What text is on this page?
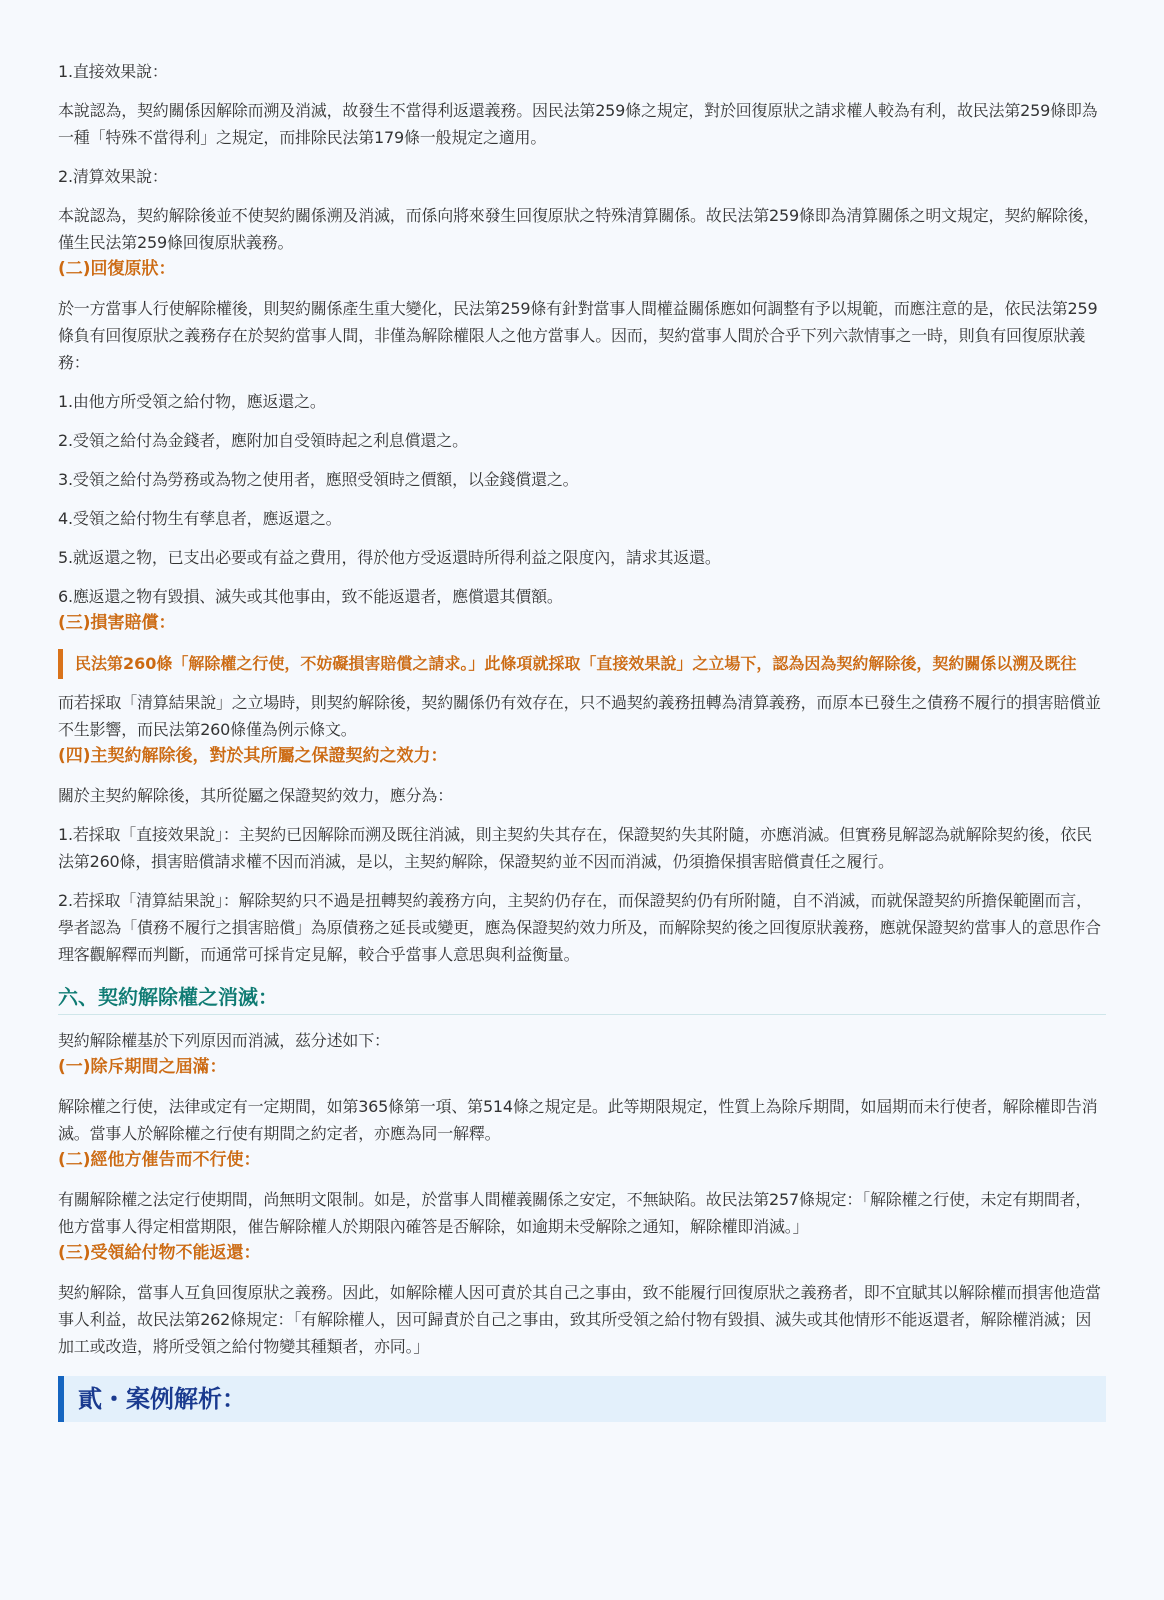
1.直接效果說：

本說認為，契約關係因解除而溯及消滅，故發生不當得利返還義務。因民法第259條之規定，對於回復原狀之請求權人較為有利，故民法第259條即為一種「特殊不當得利」之規定，而排除民法第179條一般規定之適用。

2.清算效果說：

本說認為，契約解除後並不使契約關係溯及消滅，而係向將來發生回復原狀之特殊清算關係。故民法第259條即為清算關係之明文規定，契約解除後，僅生民法第259條回復原狀義務。

(二)回復原狀：

於一方當事人行使解除權後，則契約關係產生重大變化，民法第259條有針對當事人間權益關係應如何調整有予以規範，而應注意的是，依民法第259條負有回復原狀之義務存在於契約當事人間，非僅為解除權限人之他方當事人。因而，契約當事人間於合乎下列六款情事之一時，則負有回復原狀義務：

1.由他方所受領之給付物，應返還之。

2.受領之給付為金錢者，應附加自受領時起之利息償還之。

3.受領之給付為勞務或為物之使用者，應照受領時之價額，以金錢償還之。

4.受領之給付物生有孳息者，應返還之。

5.就返還之物，已支出必要或有益之費用，得於他方受返還時所得利益之限度內，請求其返還。

6.應返還之物有毀損、滅失或其他事由，致不能返還者，應償還其價額。

(三)損害賠償：
民法第260條「解除權之行使，不妨礙損害賠償之請求。」此條項就採取「直接效果說」之立場下，認為因為契約解除後，契約關係以溯及既往

而若採取「清算結果說」之立場時，則契約解除後，契約關係仍有效存在，只不過契約義務扭轉為清算義務，而原本已發生之債務不履行的損害賠償並不生影響，而民法第260條僅為例示條文。

(四)主契約解除後，對於其所屬之保證契約之效力：

關於主契約解除後，其所從屬之保證契約效力，應分為：

1.若採取「直接效果說」：主契約已因解除而溯及既往消滅，則主契約失其存在，保證契約失其附隨，亦應消滅。但實務見解認為就解除契約後，依民法第260條，損害賠償請求權不因而消滅，是以，主契約解除，保證契約並不因而消滅，仍須擔保損害賠償責任之履行。

2.若採取「清算結果說」：解除契約只不過是扭轉契約義務方向，主契約仍存在，而保證契約仍有所附隨，自不消滅，而就保證契約所擔保範圍而言，學者認為「債務不履行之損害賠償」為原債務之延長或變更，應為保證契約效力所及，而解除契約後之回復原狀義務，應就保證契約當事人的意思作合理客觀解釋而判斷，而通常可採肯定見解，較合乎當事人意思與利益衡量。

六、契約解除權之消滅：

契約解除權基於下列原因而消滅，茲分述如下：

(一)除斥期間之屆滿：

解除權之行使，法律或定有一定期間，如第365條第一項、第514條之規定是。此等期限規定，性質上為除斥期間，如屆期而未行使者，解除權即告消滅。當事人於解除權之行使有期間之約定者，亦應為同一解釋。

(二)經他方催告而不行使：

有關解除權之法定行使期間，尚無明文限制。如是，於當事人間權義關係之安定，不無缺陷。故民法第257條規定：「解除權之行使，未定有期間者，他方當事人得定相當期限，催告解除權人於期限內確答是否解除，如逾期未受解除之通知，解除權即消滅。」

(三)受領給付物不能返還：

契約解除，當事人互負回復原狀之義務。因此，如解除權人因可責於其自己之事由，致不能履行回復原狀之義務者，即不宜賦其以解除權而損害他造當事人利益，故民法第262條規定：「有解除權人，因可歸責於自己之事由，致其所受領之給付物有毀損、滅失或其他情形不能返還者，解除權消滅；因加工或改造，將所受領之給付物變其種類者，亦同。」

貳・案例解析：
